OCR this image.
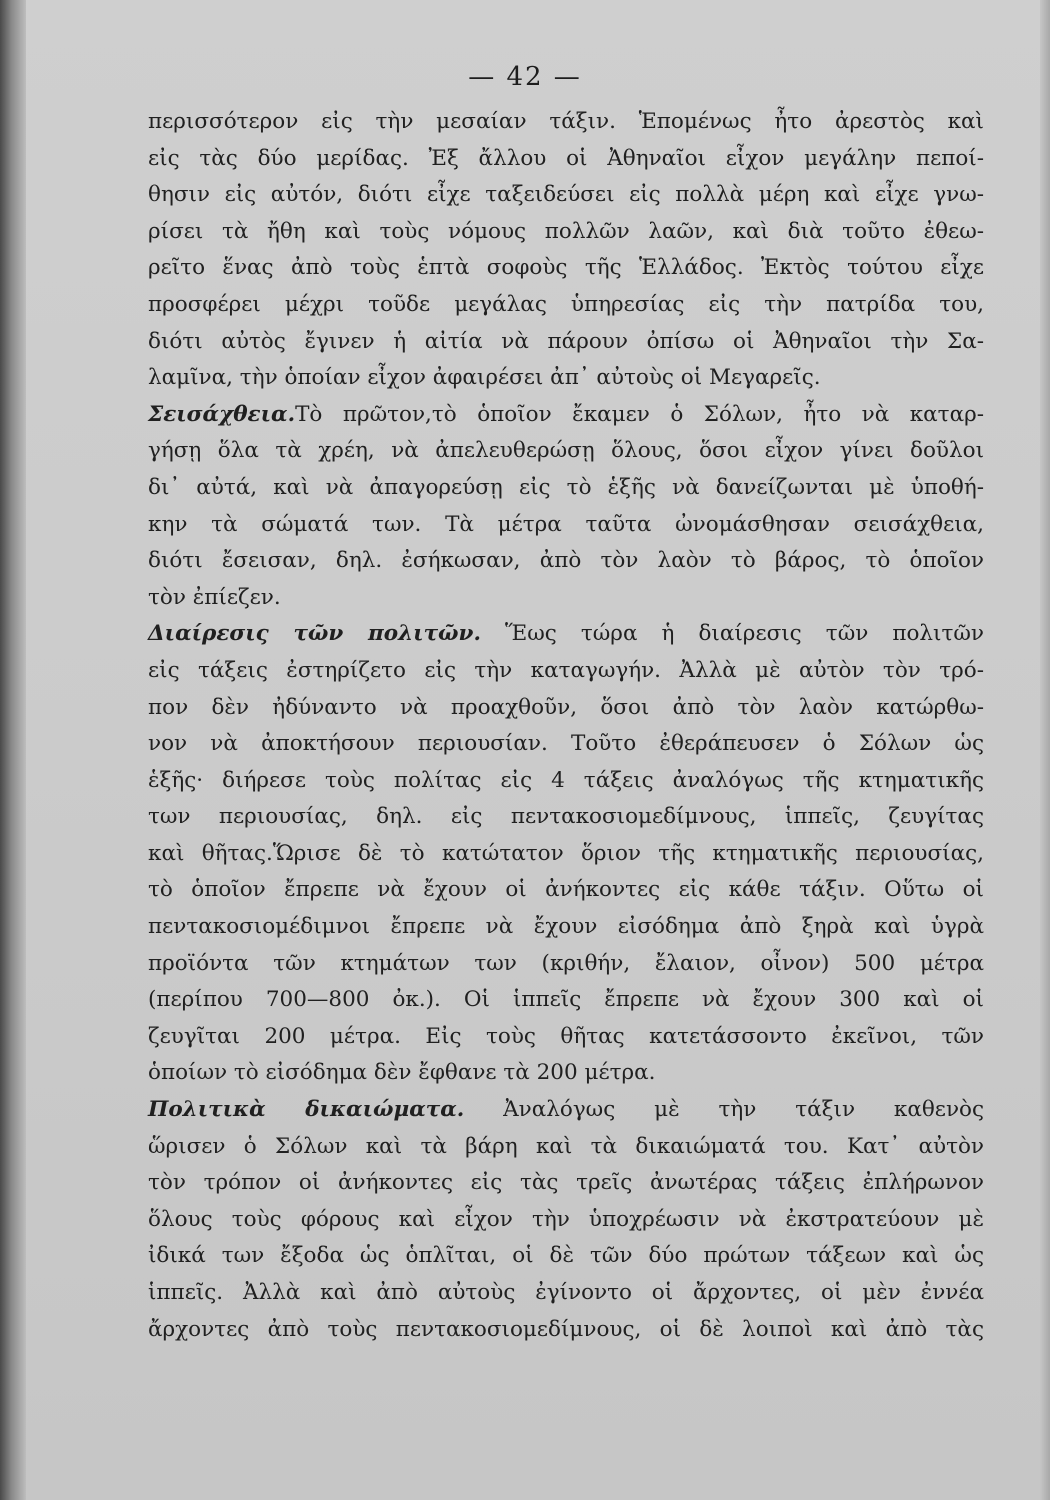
— 42 —
περισσότερον εἰς τὴν μεσαίαν τάξιν. Ἑπομένως ἦτο ἀρεστὸς καὶ
εἰς τὰς δύο μερίδας. Ἐξ ἄλλου οἱ Ἀθηναῖοι εἶχον μεγάλην πεποί-
θησιν εἰς αὐτόν, διότι εἶχε ταξειδεύσει εἰς πολλὰ μέρη καὶ εἶχε γνω-
ρίσει τὰ ἤθη καὶ τοὺς νόμους πολλῶν λαῶν, καὶ διὰ τοῦτο ἐθεω-
ρεῖτο ἕνας ἀπὸ τοὺς ἑπτὰ σοφοὺς τῆς Ἑλλάδος. Ἐκτὸς τούτου εἶχε
προσφέρει μέχρι τοῦδε μεγάλας ὑπηρεσίας εἰς τὴν πατρίδα του,
διότι αὐτὸς ἔγινεν ἡ αἰτία νὰ πάρουν ὀπίσω οἱ Ἀθηναῖοι τὴν Σα-
λαμῖνα, τὴν ὁποίαν εἶχον ἀφαιρέσει ἀπ᾽ αὐτοὺς οἱ Μεγαρεῖς.
Σεισάχθεια.Τὸ πρῶτον,τὸ ὁποῖον ἔκαμεν ὁ Σόλων, ἦτο νὰ καταρ-
γήσῃ ὅλα τὰ χρέη, νὰ ἀπελευθερώσῃ ὅλους, ὅσοι εἶχον γίνει δοῦλοι
δι᾽ αὐτά, καὶ νὰ ἀπαγορεύσῃ εἰς τὸ ἑξῆς νὰ δανείζωνται μὲ ὑποθή-
κην τὰ σώματά των. Τὰ μέτρα ταῦτα ὠνομάσθησαν σεισάχθεια,
διότι ἔσεισαν, δηλ. ἐσήκωσαν, ἀπὸ τὸν λαὸν τὸ βάρος, τὸ ὁποῖον
τὸν ἐπίεζεν.
Διαίρεσις τῶν πολιτῶν. Ἕως τώρα ἡ διαίρεσις τῶν πολιτῶν
εἰς τάξεις ἐστηρίζετο εἰς τὴν καταγωγήν. Ἀλλὰ μὲ αὐτὸν τὸν τρό-
πον δὲν ἠδύναντο νὰ προαχθοῦν, ὅσοι ἀπὸ τὸν λαὸν κατώρθω-
νον νὰ ἀποκτήσουν περιουσίαν. Τοῦτο ἐθεράπευσεν ὁ Σόλων ὡς
ἑξῆς· διήρεσε τοὺς πολίτας εἰς 4 τάξεις ἀναλόγως τῆς κτηματικῆς
των περιουσίας, δηλ. εἰς πεντακοσιομεδίμνους, ἱππεῖς, ζευγίτας
καὶ θῆτας.Ὥρισε δὲ τὸ κατώτατον ὅριον τῆς κτηματικῆς περιουσίας,
τὸ ὁποῖον ἔπρεπε νὰ ἔχουν οἱ ἀνήκοντες εἰς κάθε τάξιν. Οὕτω οἱ
πεντακοσιομέδιμνοι ἔπρεπε νὰ ἔχουν εἰσόδημα ἀπὸ ξηρὰ καὶ ὑγρὰ
προϊόντα τῶν κτημάτων των (κριθήν, ἔλαιον, οἶνον) 500 μέτρα
(περίπου 700—800 ὀκ.). Οἱ ἱππεῖς ἔπρεπε νὰ ἔχουν 300 καὶ οἱ
ζευγῖται 200 μέτρα. Εἰς τοὺς θῆτας κατετάσσοντο ἐκεῖνοι, τῶν
ὁποίων τὸ εἰσόδημα δὲν ἔφθανε τὰ 200 μέτρα.
Πολιτικὰ δικαιώματα. Ἀναλόγως μὲ τὴν τάξιν καθενὸς
ὥρισεν ὁ Σόλων καὶ τὰ βάρη καὶ τὰ δικαιώματά του. Κατ᾽ αὐτὸν
τὸν τρόπον οἱ ἀνήκοντες εἰς τὰς τρεῖς ἀνωτέρας τάξεις ἐπλήρωνον
ὅλους τοὺς φόρους καὶ εἶχον τὴν ὑποχρέωσιν νὰ ἐκστρατεύουν μὲ
ἰδικά των ἔξοδα ὡς ὁπλῖται, οἱ δὲ τῶν δύο πρώτων τάξεων καὶ ὡς
ἱππεῖς. Ἀλλὰ καὶ ἀπὸ αὐτοὺς ἐγίνοντο οἱ ἄρχοντες, οἱ μὲν ἐννέα
ἄρχοντες ἀπὸ τοὺς πεντακοσιομεδίμνους, οἱ δὲ λοιποὶ καὶ ἀπὸ τὰς
